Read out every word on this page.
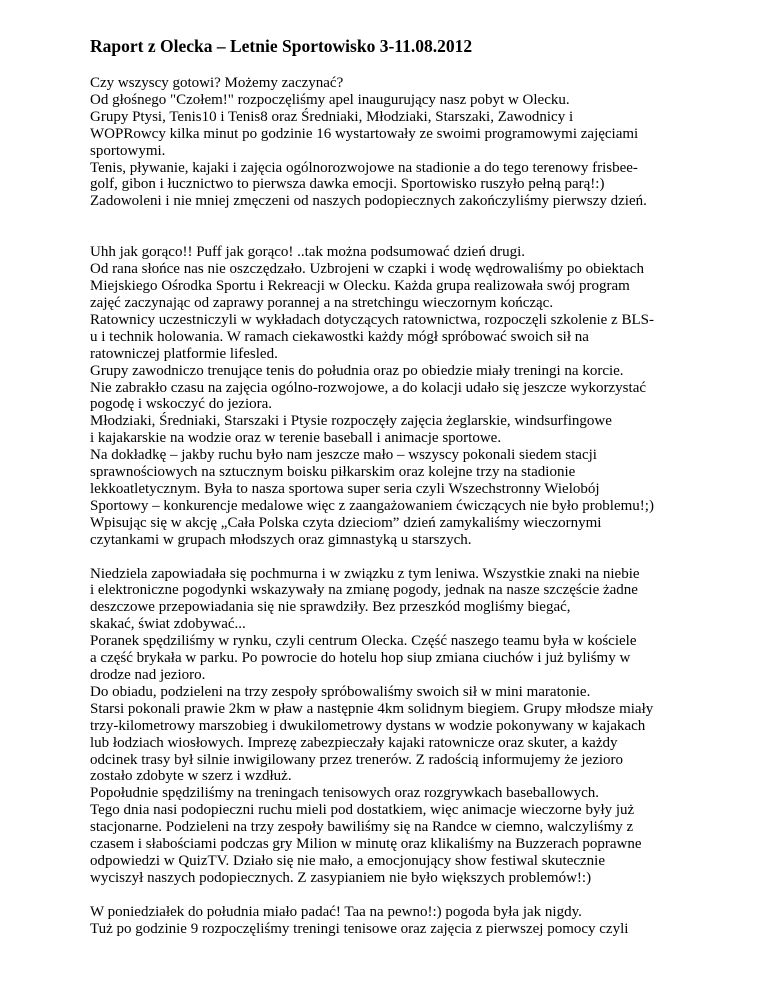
Raport z Olecka – Letnie Sportowisko 3-11.08.2012

Czy wszyscy gotowi? Możemy zaczynać?
Od głośnego "Czołem!" rozpoczęliśmy apel inaugurujący nasz pobyt w Olecku.
Grupy Ptysi, Tenis10 i Tenis8 oraz Średniaki, Młodziaki, Starszaki, Zawodnicy i
WOPRowcy kilka minut po godzinie 16 wystartowały ze swoimi programowymi zajęciami
sportowymi.
Tenis, pływanie, kajaki i zajęcia ogólnorozwojowe na stadionie a do tego terenowy frisbee-
golf, gibon i łucznictwo to pierwsza dawka emocji. Sportowisko ruszyło pełną parą!:)
Zadowoleni i nie mniej zmęczeni od naszych podopiecznych zakończyliśmy pierwszy dzień.

Uhh jak gorąco!! Puff jak gorąco! ..tak można podsumować dzień drugi.
Od rana słońce nas nie oszczędzało. Uzbrojeni w czapki i wodę wędrowaliśmy po obiektach
Miejskiego Ośrodka Sportu i Rekreacji w Olecku. Każda grupa realizowała swój program
zajęć zaczynając od zaprawy porannej a na stretchingu wieczornym kończąc.
Ratownicy uczestniczyli w wykładach dotyczących ratownictwa, rozpoczęli szkolenie z BLS-
u i technik holowania. W ramach ciekawostki każdy mógł spróbować swoich sił na
ratowniczej platformie lifesled.
Grupy zawodniczo trenujące tenis do południa oraz po obiedzie miały treningi na korcie.
Nie zabrakło czasu na zajęcia ogólno-rozwojowe, a do kolacji udało się jeszcze wykorzystać
pogodę i wskoczyć do jeziora.
Młodziaki, Średniaki, Starszaki i Ptysie rozpoczęły zajęcia żeglarskie, windsurfingowe
i kajakarskie na wodzie oraz w terenie baseball i animacje sportowe.
Na dokładkę – jakby ruchu było nam jeszcze mało – wszyscy pokonali siedem stacji
sprawnościowych na sztucznym boisku piłkarskim oraz kolejne trzy na stadionie
lekkoatletycznym. Była to nasza sportowa super seria czyli Wszechstronny Wielobój
Sportowy – konkurencje medalowe więc z zaangażowaniem ćwiczących nie było problemu!;)
Wpisując się w akcję „Cała Polska czyta dzieciom” dzień zamykaliśmy wieczornymi
czytankami w grupach młodszych oraz gimnastyką u starszych.

Niedziela zapowiadała się pochmurna i w związku z tym leniwa. Wszystkie znaki na niebie
i elektroniczne pogodynki wskazywały na zmianę pogody, jednak na nasze szczęście żadne
deszczowe przepowiadania się nie sprawdziły. Bez przeszkód mogliśmy biegać,
skakać, świat zdobywać...
Poranek spędziliśmy w rynku, czyli centrum Olecka. Część naszego teamu była w kościele
a część brykała w parku. Po powrocie do hotelu hop siup zmiana ciuchów i już byliśmy w
drodze nad jezioro.
Do obiadu, podzieleni na trzy zespoły spróbowaliśmy swoich sił w mini maratonie.
Starsi pokonali prawie 2km w pław a następnie 4km solidnym biegiem. Grupy młodsze miały
trzy-kilometrowy marszobieg i dwukilometrowy dystans w wodzie pokonywany w kajakach
lub łodziach wiosłowych. Imprezę zabezpieczały kajaki ratownicze oraz skuter, a każdy
odcinek trasy był silnie inwigilowany przez trenerów. Z radością informujemy że jezioro
zostało zdobyte w szerz i wzdłuż.
Popołudnie spędziliśmy na treningach tenisowych oraz rozgrywkach baseballowych.
Tego dnia nasi podopieczni ruchu mieli pod dostatkiem, więc animacje wieczorne były już
stacjonarne. Podzieleni na trzy zespoły bawiliśmy się na Randce w ciemno, walczyliśmy z
czasem i słabościami podczas gry Milion w minutę oraz klikaliśmy na Buzzerach poprawne
odpowiedzi w QuizTV. Działo się nie mało, a emocjonujący show festiwal skutecznie
wyciszył naszych podopiecznych. Z zasypianiem nie było większych problemów!:)

W poniedziałek do południa miało padać! Taa na pewno!:) pogoda była jak nigdy.
Tuż po godzinie 9 rozpoczęliśmy treningi tenisowe oraz zajęcia z pierwszej pomocy czyli
